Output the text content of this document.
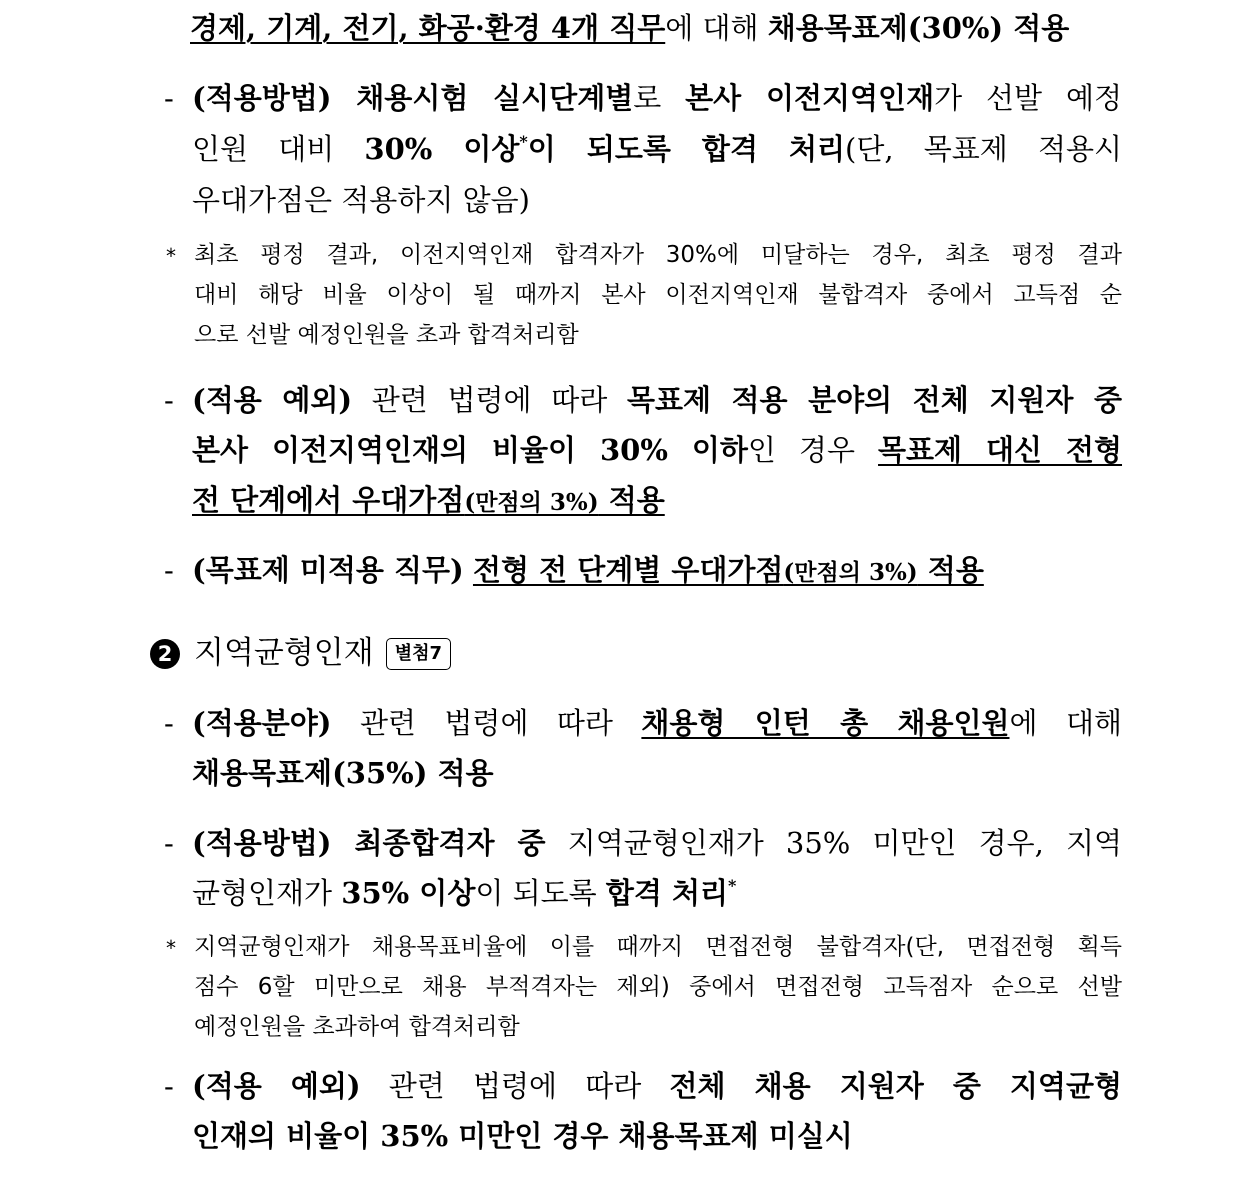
경제, 기계, 전기, 화공·환경 4개 직무에 대해 채용목표제(30%) 적용
- (적용방법) 채용시험 실시단계별로 본사 이전지역인재가 선발 예정
인원 대비 30% 이상*이 되도록 합격 처리(단, 목표제 적용시
우대가점은 적용하지 않음)
* 최초 평정 결과, 이전지역인재 합격자가 30%에 미달하는 경우, 최초 평정 결과
대비 해당 비율 이상이 될 때까지 본사 이전지역인재 불합격자 중에서 고득점 순
으로 선발 예정인원을 초과 합격처리함
- (적용 예외) 관련 법령에 따라 목표제 적용 분야의 전체 지원자 중
본사 이전지역인재의 비율이 30% 이하인 경우 목표제 대신 전형
전 단계에서 우대가점(만점의 3%) 적용
- (목표제 미적용 직무) 전형 전 단계별 우대가점(만점의 3%) 적용
2 지역균형인재 별첨7
- (적용분야) 관련 법령에 따라 채용형 인턴 총 채용인원에 대해
채용목표제(35%) 적용
- (적용방법) 최종합격자 중 지역균형인재가 35% 미만인 경우, 지역
균형인재가 35% 이상이 되도록 합격 처리*
* 지역균형인재가 채용목표비율에 이를 때까지 면접전형 불합격자(단, 면접전형 획득
점수 6할 미만으로 채용 부적격자는 제외) 중에서 면접전형 고득점자 순으로 선발
예정인원을 초과하여 합격처리함
- (적용 예외) 관련 법령에 따라 전체 채용 지원자 중 지역균형
인재의 비율이 35% 미만인 경우 채용목표제 미실시
